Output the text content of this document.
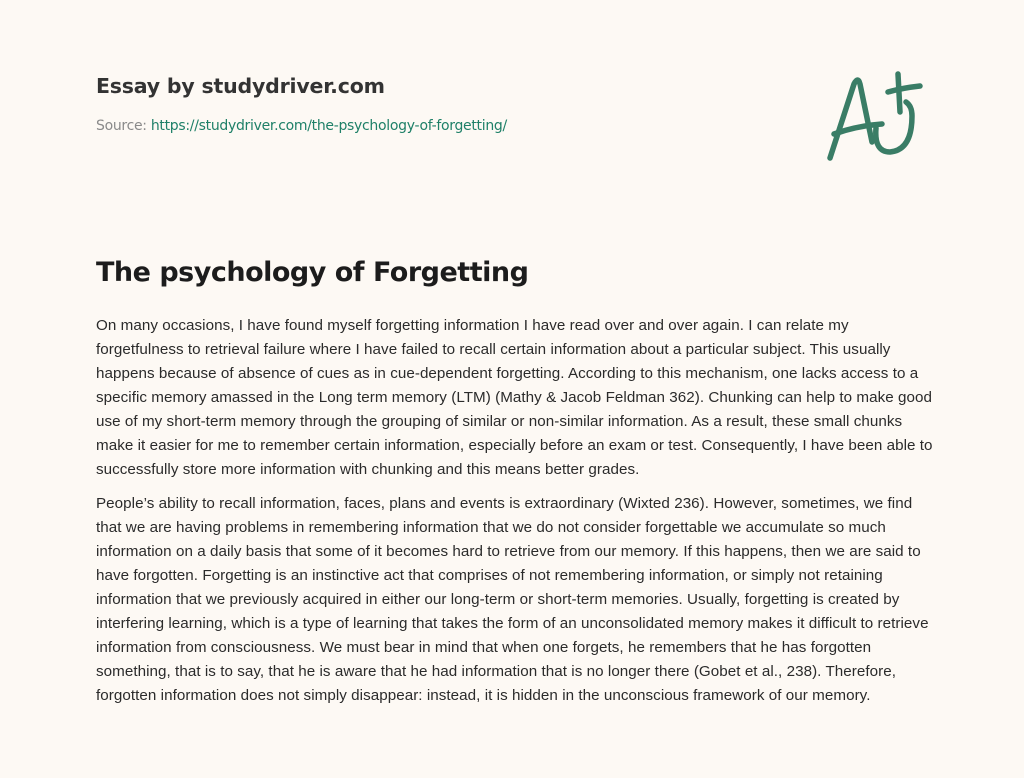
Essay by studydriver.com
Source: https://studydriver.com/the-psychology-of-forgetting/
The psychology of Forgetting

On many occasions, I have found myself forgetting information I have read over and over again. I can relate my forgetfulness to retrieval failure where I have failed to recall certain information about a particular subject. This usually happens because of absence of cues as in cue-dependent forgetting. According to this mechanism, one lacks access to a specific memory amassed in the Long term memory (LTM) (Mathy & Jacob Feldman 362). Chunking can help to make good use of my short-term memory through the grouping of similar or non-similar information. As a result, these small chunks make it easier for me to remember certain information, especially before an exam or test. Consequently, I have been able to successfully store more information with chunking and this means better grades.

People’s ability to recall information, faces, plans and events is extraordinary (Wixted 236). However, sometimes, we find that we are having problems in remembering information that we do not consider forgettable we accumulate so much information on a daily basis that some of it becomes hard to retrieve from our memory. If this happens, then we are said to have forgotten. Forgetting is an instinctive act that comprises of not remembering information, or simply not retaining information that we previously acquired in either our long-term or short-term memories. Usually, forgetting is created by interfering learning, which is a type of learning that takes the form of an unconsolidated memory makes it difficult to retrieve information from consciousness. We must bear in mind that when one forgets, he remembers that he has forgotten something, that is to say, that he is aware that he had information that is no longer there (Gobet et al., 238). Therefore, forgotten information does not simply disappear: instead, it is hidden in the unconscious framework of our memory.
